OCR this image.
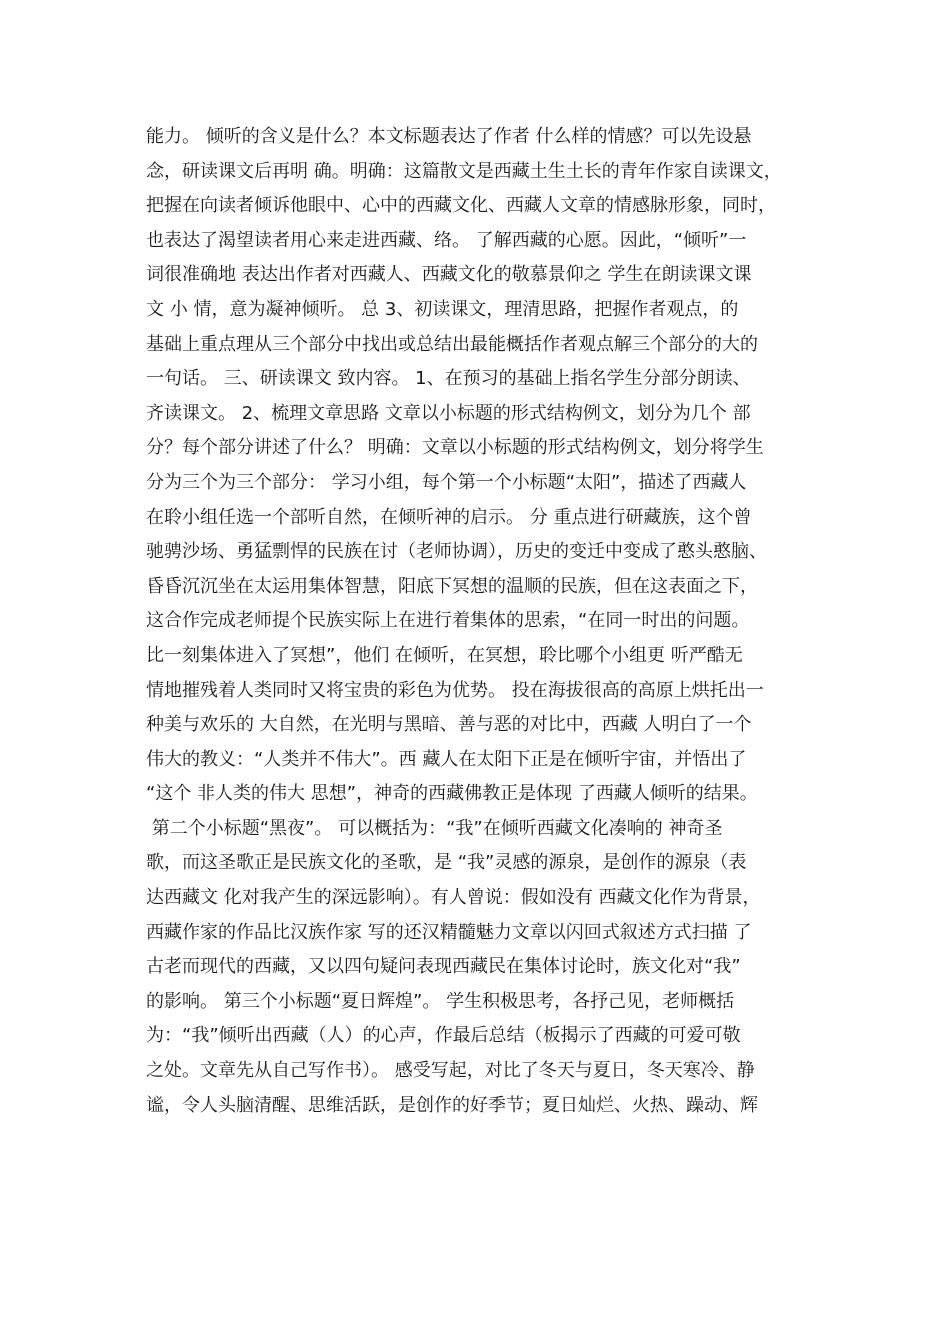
能力。 倾听的含义是什么？本文标题表达了作者 什么样的情感？可以先设悬
念，研读课文后再明 确。明确：这篇散文是西藏土生土长的青年作家自读课文，
把握在向读者倾诉他眼中、心中的西藏文化、西藏人文章的情感脉形象，同时，
也表达了渴望读者用心来走进西藏、络。 了解西藏的心愿。因此，“倾听”一
词很准确地 表达出作者对西藏人、西藏文化的敬慕景仰之 学生在朗读课文课
文 小 情，意为凝神倾听。 总 3、初读课文，理清思路，把握作者观点，的
基础上重点理从三个部分中找出或总结出最能概括作者观点解三个部分的大的
一句话。 三、研读课文 致内容。 1、在预习的基础上指名学生分部分朗读、
齐读课文。 2、梳理文章思路 文章以小标题的形式结构例文，划分为几个 部
分？每个部分讲述了什么？ 明确：文章以小标题的形式结构例文，划分将学生
分为三个为三个部分： 学习小组，每个第一个小标题“太阳”，描述了西藏人
在聆小组任选一个部听自然，在倾听神的启示。 分 重点进行研藏族，这个曾
驰骋沙场、勇猛剽悍的民族在讨（老师协调），历史的变迁中变成了憨头憨脑、
昏昏沉沉坐在太运用集体智慧，阳底下冥想的温顺的民族，但在这表面之下，
这合作完成老师提个民族实际上在进行着集体的思索，“在同一时出的问题。
比一刻集体进入了冥想”，他们 在倾听，在冥想，聆比哪个小组更 听严酷无
情地摧残着人类同时又将宝贵的彩色为优势。 投在海拔很高的高原上烘托出一
种美与欢乐的 大自然，在光明与黑暗、善与恶的对比中，西藏 人明白了一个
伟大的教义：“人类并不伟大”。西 藏人在太阳下正是在倾听宇宙，并悟出了
“这个 非人类的伟大 思想”，神奇的西藏佛教正是体现 了西藏人倾听的结果。
第二个小标题“黑夜”。 可以概括为：“我”在倾听西藏文化凑响的 神奇圣
歌，而这圣歌正是民族文化的圣歌，是 “我”灵感的源泉，是创作的源泉（表
达西藏文 化对我产生的深远影响）。有人曾说：假如没有 西藏文化作为背景，
西藏作家的作品比汉族作家 写的还汉精髓魅力文章以闪回式叙述方式扫描 了
古老而现代的西藏，又以四句疑问表现西藏民在集体讨论时，族文化对“我”
的影响。 第三个小标题“夏日辉煌”。 学生积极思考，各抒己见，老师概括
为：“我”倾听出西藏（人）的心声，作最后总结（板揭示了西藏的可爱可敬
之处。文章先从自己写作书）。 感受写起，对比了冬天与夏日，冬天寒冷、静
谧，令人头脑清醒、思维活跃，是创作的好季节；夏日灿烂、火热、躁动、辉
